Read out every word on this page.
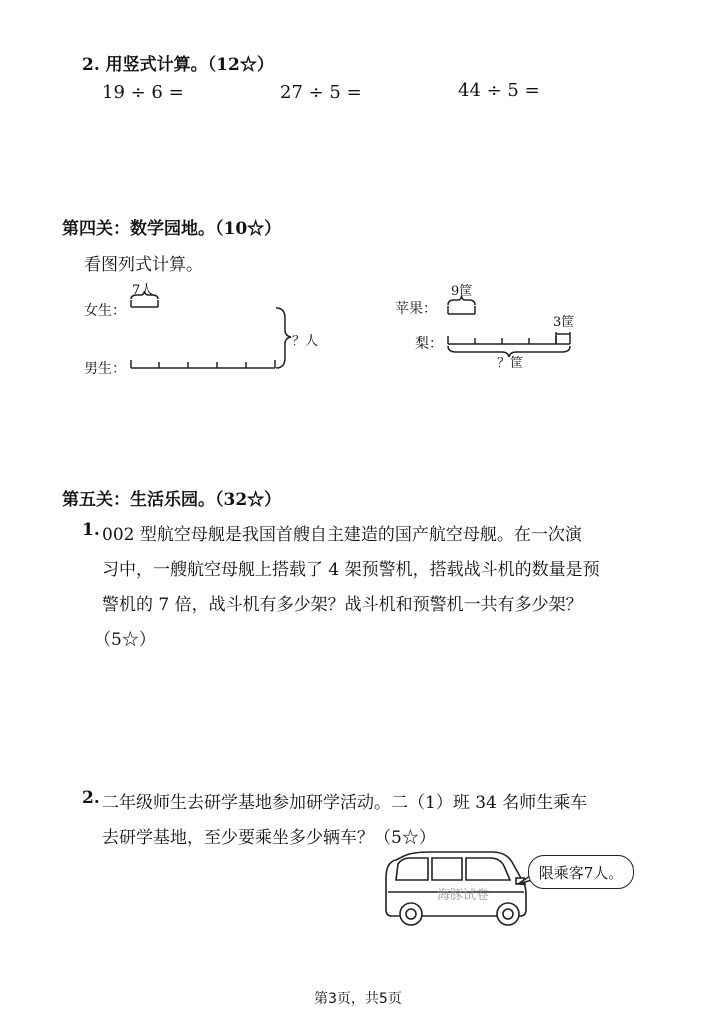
2. 用竖式计算。（12☆）
19 ÷ 6 =	27 ÷ 5 =	44 ÷ 5 =
第四关：数学园地。（10☆）
看图列式计算。
海豚试卷
女生：
7人
男生：
？人
苹果：
9筐
梨：
3筐
？筐
第五关：生活乐园。（32☆）
1. 002 型航空母舰是我国首艘自主建造的国产航空母舰。在一次演
习中，一艘航空母舰上搭载了 4 架预警机，搭载战斗机的数量是预
警机的 7 倍，战斗机有多少架？战斗机和预警机一共有多少架？
（5☆）
2. 二年级师生去研学基地参加研学活动。二（1）班 34 名师生乘车
去研学基地，至少要乘坐多少辆车？（5☆）
限乘客7人。
第3页，共5页
